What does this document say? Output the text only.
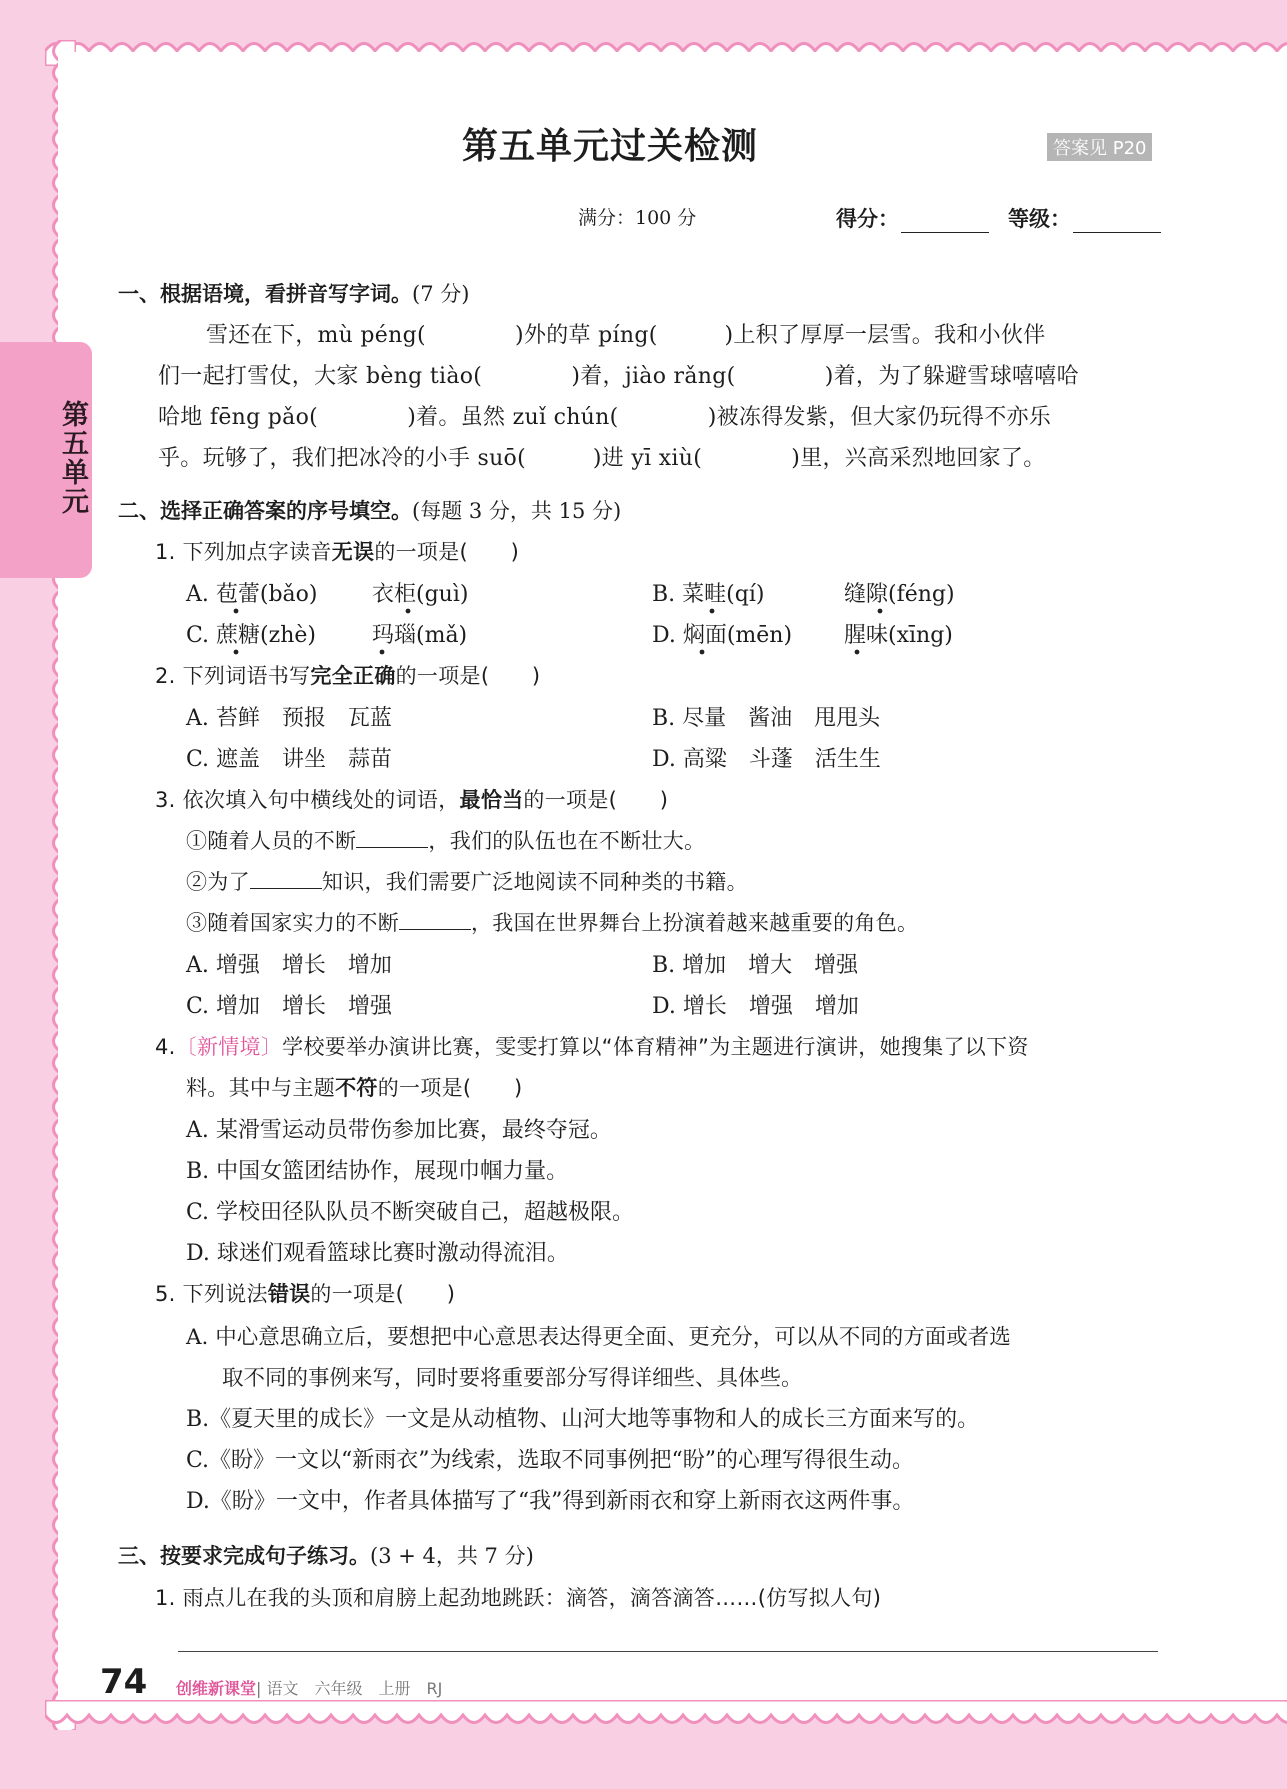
第五单元
第五单元过关检测	答案见 P20
满分：100 分	得分：	等级：
一、根据语境，看拼音写字词。(7 分)
雪还在下，mù péng(　　　　)外的草 píng(　　　)上积了厚厚一层雪。我和小伙伴
们一起打雪仗，大家 bèng tiào(　　　　)着，jiào rǎng(　　　　)着，为了躲避雪球嘻嘻哈
哈地 fēng pǎo(　　　　)着。虽然 zuǐ chún(　　　　)被冻得发紫，但大家仍玩得不亦乐
乎。玩够了，我们把冰冷的小手 suō(　　　)进 yī xiù(　　　　)里，兴高采烈地回家了。
二、选择正确答案的序号填空。(每题 3 分，共 15 分)
1. 下列加点字读音无误的一项是(　　)
A. 苞蕾(bǎo) 衣柜(guì)	B. 菜畦(qí)	缝隙(féng)
C. 蔗糖(zhè)	玛瑙(mǎ)	D. 焖面(mēn) 腥味(xīng)
2. 下列词语书写完全正确的一项是(　　)
A. 苔鲜　预报　瓦蓝	B. 尽量　酱油　甩甩头
C. 遮盖　讲坐　蒜苗	D. 高粱　斗蓬　活生生
3. 依次填入句中横线处的词语，最恰当的一项是(　　)
①随着人员的不断	，我们的队伍也在不断壮大。
②为了	知识，我们需要广泛地阅读不同种类的书籍。
③随着国家实力的不断	，我国在世界舞台上扮演着越来越重要的角色。
A. 增强　增长　增加	B. 增加　增大　增强
C. 增加　增长　增强	D. 增长　增强　增加
4.〔新情境〕学校要举办演讲比赛，雯雯打算以“体育精神”为主题进行演讲，她搜集了以下资
料。其中与主题不符的一项是(　　)
A. 某滑雪运动员带伤参加比赛，最终夺冠。
B. 中国女篮团结协作，展现巾帼力量。
C. 学校田径队队员不断突破自己，超越极限。
D. 球迷们观看篮球比赛时激动得流泪。
5. 下列说法错误的一项是(　　)
A. 中心意思确立后，要想把中心意思表达得更全面、更充分，可以从不同的方面或者选
取不同的事例来写，同时要将重要部分写得详细些、具体些。
B.《夏天里的成长》一文是从动植物、山河大地等事物和人的成长三方面来写的。
C.《盼》一文以“新雨衣”为线索，选取不同事例把“盼”的心理写得很生动。
D.《盼》一文中，作者具体描写了“我”得到新雨衣和穿上新雨衣这两件事。
三、按要求完成句子练习。(3 + 4，共 7 分)
1. 雨点儿在我的头顶和肩膀上起劲地跳跃：滴答，滴答滴答……(仿写拟人句)
74 创维新课堂| 语文　六年级　上册　RJ
